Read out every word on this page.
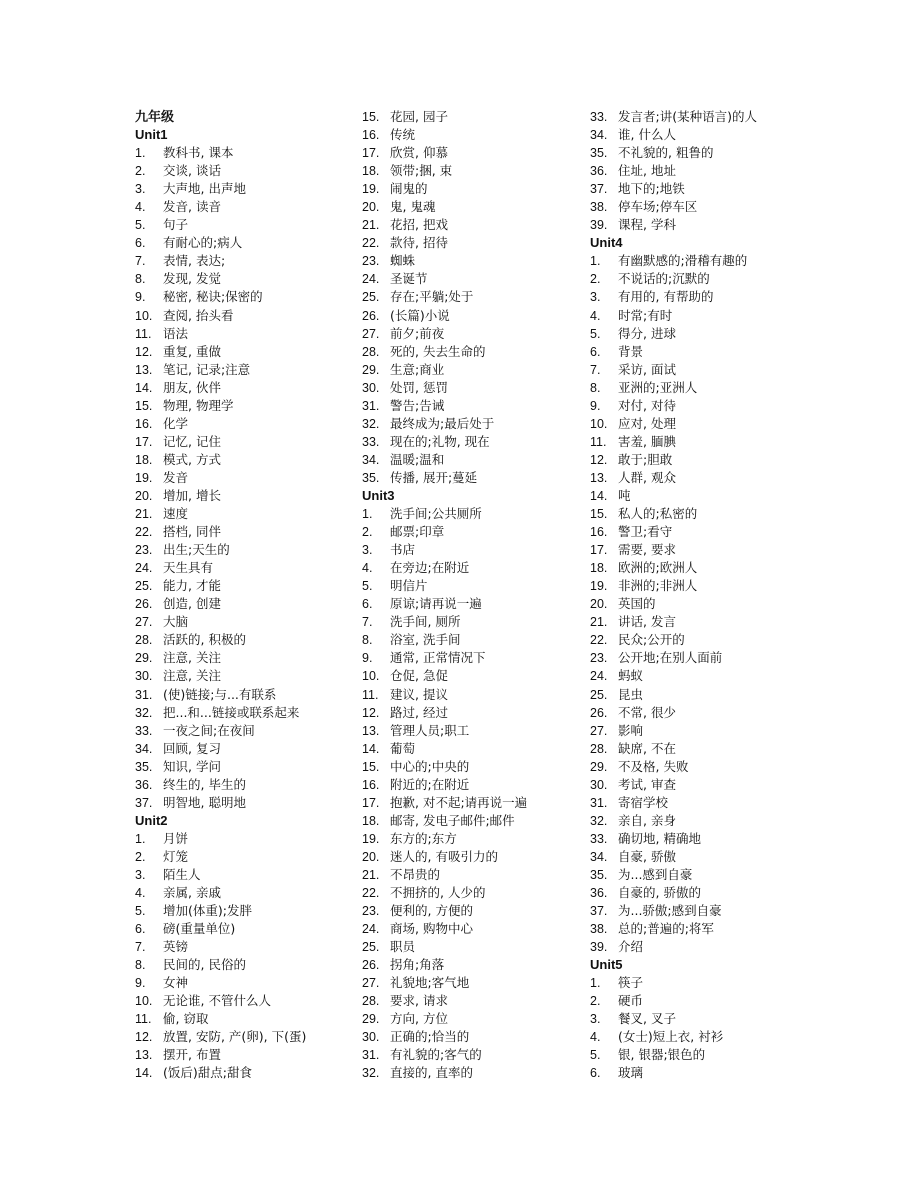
九年级
Unit1
1. 教科书, 课本
2. 交谈, 谈话
3. 大声地, 出声地
4. 发音, 读音
5. 句子
6. 有耐心的;病人
7. 表情, 表达;
8. 发现, 发觉
9. 秘密, 秘诀;保密的
10. 查阅, 抬头看
11. 语法
12. 重复, 重做
13. 笔记, 记录;注意
14. 朋友, 伙伴
15. 物理, 物理学
16. 化学
17. 记忆, 记住
18. 模式, 方式
19. 发音
20. 增加, 增长
21. 速度
22. 搭档, 同伴
23. 出生;天生的
24. 天生具有
25. 能力, 才能
26. 创造, 创建
27. 大脑
28. 活跃的, 积极的
29. 注意, 关注
30. 注意, 关注
31. (使)链接;与...有联系
32. 把...和...链接或联系起来
33. 一夜之间;在夜间
34. 回顾, 复习
35. 知识, 学问
36. 终生的, 毕生的
37. 明智地, 聪明地
Unit2
1. 月饼
2. 灯笼
3. 陌生人
4. 亲属, 亲戚
5. 增加(体重);发胖
6. 磅(重量单位)
7. 英镑
8. 民间的, 民俗的
9. 女神
10. 无论谁, 不管什么人
11. 偷, 窃取
12. 放置, 安防, 产(卵), 下(蛋)
13. 摆开, 布置
14. (饭后)甜点;甜食
15. 花园, 园子
16. 传统
17. 欣赏, 仰慕
18. 领带;捆, 束
19. 闹鬼的
20. 鬼, 鬼魂
21. 花招, 把戏
22. 款待, 招待
23. 蜘蛛
24. 圣诞节
25. 存在;平躺;处于
26. (长篇)小说
27. 前夕;前夜
28. 死的, 失去生命的
29. 生意;商业
30. 处罚, 惩罚
31. 警告;告诫
32. 最终成为;最后处于
33. 现在的;礼物, 现在
34. 温暖;温和
35. 传播, 展开;蔓延
Unit3
1. 洗手间;公共厕所
2. 邮票;印章
3. 书店
4. 在旁边;在附近
5. 明信片
6. 原谅;请再说一遍
7. 洗手间, 厕所
8. 浴室, 洗手间
9. 通常, 正常情况下
10. 仓促, 急促
11. 建议, 提议
12. 路过, 经过
13. 管理人员;职工
14. 葡萄
15. 中心的;中央的
16. 附近的;在附近
17. 抱歉, 对不起;请再说一遍
18. 邮寄, 发电子邮件;邮件
19. 东方的;东方
20. 迷人的, 有吸引力的
21. 不昂贵的
22. 不拥挤的, 人少的
23. 便利的, 方便的
24. 商场, 购物中心
25. 职员
26. 拐角;角落
27. 礼貌地;客气地
28. 要求, 请求
29. 方向, 方位
30. 正确的;恰当的
31. 有礼貌的;客气的
32. 直接的, 直率的
33. 发言者;讲(某种语言)的人
34. 谁, 什么人
35. 不礼貌的, 粗鲁的
36. 住址, 地址
37. 地下的;地铁
38. 停车场;停车区
39. 课程, 学科
Unit4
1. 有幽默感的;滑稽有趣的
2. 不说话的;沉默的
3. 有用的, 有帮助的
4. 时常;有时
5. 得分, 进球
6. 背景
7. 采访, 面试
8. 亚洲的;亚洲人
9. 对付, 对待
10. 应对, 处理
11. 害羞, 腼腆
12. 敢于;胆敢
13. 人群, 观众
14. 吨
15. 私人的;私密的
16. 警卫;看守
17. 需要, 要求
18. 欧洲的;欧洲人
19. 非洲的;非洲人
20. 英国的
21. 讲话, 发言
22. 民众;公开的
23. 公开地;在别人面前
24. 蚂蚁
25. 昆虫
26. 不常, 很少
27. 影响
28. 缺席, 不在
29. 不及格, 失败
30. 考试, 审查
31. 寄宿学校
32. 亲自, 亲身
33. 确切地, 精确地
34. 自豪, 骄傲
35. 为...感到自豪
36. 自豪的, 骄傲的
37. 为...骄傲;感到自豪
38. 总的;普遍的;将军
39. 介绍
Unit5
1. 筷子
2. 硬币
3. 餐叉, 叉子
4. (女士)短上衣, 衬衫
5. 银, 银器;银色的
6. 玻璃
